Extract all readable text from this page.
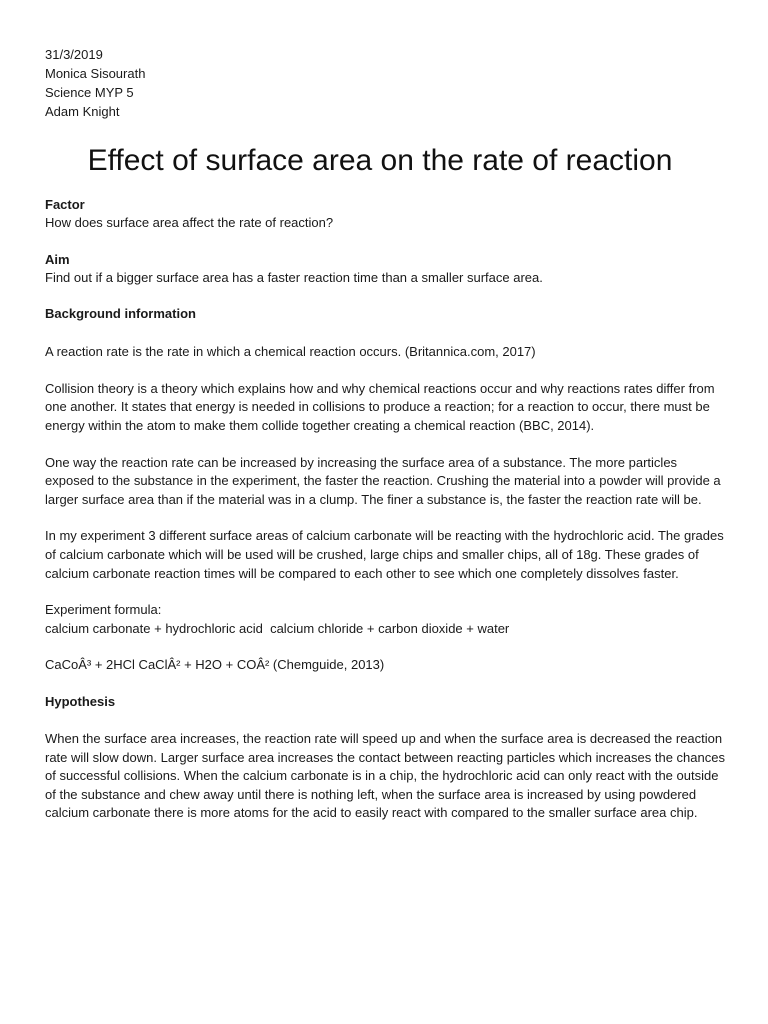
31/3/2019
Monica Sisourath
Science MYP 5
Adam Knight
Effect of surface area on the rate of reaction
Factor

How does surface area affect the rate of reaction?

Aim

Find out if a bigger surface area has a faster reaction time than a smaller surface area.

Background information

A reaction rate is the rate in which a chemical reaction occurs. (Britannica.com, 2017)

Collision theory is a theory which explains how and why chemical reactions occur and why reactions rates differ from one another. It states that energy is needed in collisions to produce a reaction; for a reaction to occur, there must be energy within the atom to make them collide together creating a chemical reaction (BBC, 2014).

One way the reaction rate can be increased by increasing the surface area of a substance. The more particles exposed to the substance in the experiment, the faster the reaction. Crushing the material into a powder will provide a larger surface area than if the material was in a clump. The finer a substance is, the faster the reaction rate will be.

In my experiment 3 different surface areas of calcium carbonate will be reacting with the hydrochloric acid. The grades of calcium carbonate which will be used will be crushed, large chips and smaller chips, all of 18g. These grades of calcium carbonate reaction times will be compared to each other to see which one completely dissolves faster.

Experiment formula:

calcium carbonate + hydrochloric acid  calcium chloride + carbon dioxide + water

CaCoÂ³ + 2HCl CaClÂ² + H2O + COÂ² (Chemguide, 2013)

Hypothesis

When the surface area increases, the reaction rate will speed up and when the surface area is decreased the reaction rate will slow down. Larger surface area increases the contact between reacting particles which increases the chances of successful collisions. When the calcium carbonate is in a chip, the hydrochloric acid can only react with the outside of the substance and chew away until there is nothing left, when the surface area is increased by using powdered calcium carbonate there is more atoms for the acid to easily react with compared to the smaller surface area chip.
